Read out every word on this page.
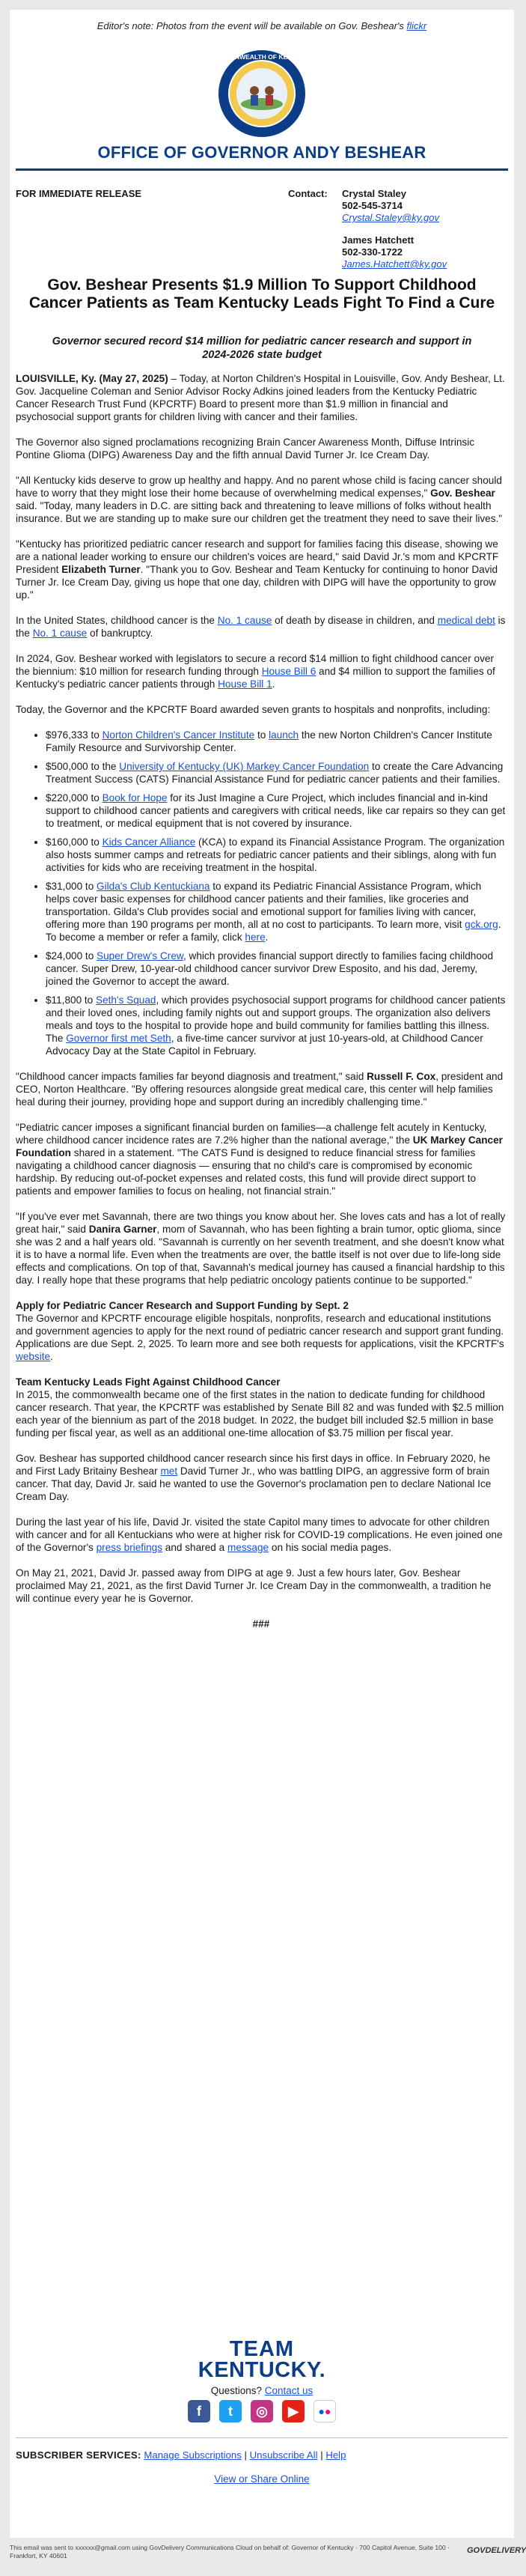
Editor's note: Photos from the event will be available on Gov. Beshear's flickr
COMMONWEALTH OF KENTUCKY
OFFICE OF GOVERNOR ANDY BESHEAR
FOR IMMEDIATE RELEASE	Contact: Crystal Staley
502-545-3714
Crystal.Staley@ky.gov
James Hatchett
502-330-1722
James.Hatchett@ky.gov
Gov. Beshear Presents $1.9 Million To Support Childhood Cancer Patients as Team Kentucky Leads Fight To Find a Cure
Governor secured record $14 million for pediatric cancer research and support in 2024-2026 state budget

LOUISVILLE, Ky. (May 27, 2025) – Today, at Norton Children's Hospital in Louisville, Gov. Andy Beshear, Lt. Gov. Jacqueline Coleman and Senior Advisor Rocky Adkins joined leaders from the Kentucky Pediatric Cancer Research Trust Fund (KPCRTF) Board to present more than $1.9 million in financial and psychosocial support grants for children living with cancer and their families.

The Governor also signed proclamations recognizing Brain Cancer Awareness Month, Diffuse Intrinsic Pontine Glioma (DIPG) Awareness Day and the fifth annual David Turner Jr. Ice Cream Day.

"All Kentucky kids deserve to grow up healthy and happy. And no parent whose child is facing cancer should have to worry that they might lose their home because of overwhelming medical expenses," Gov. Beshear said. "Today, many leaders in D.C. are sitting back and threatening to leave millions of folks without health insurance. But we are standing up to make sure our children get the treatment they need to save their lives."

"Kentucky has prioritized pediatric cancer research and support for families facing this disease, showing we are a national leader working to ensure our children's voices are heard," said David Jr.'s mom and KPCRTF President Elizabeth Turner. "Thank you to Gov. Beshear and Team Kentucky for continuing to honor David Turner Jr. Ice Cream Day, giving us hope that one day, children with DIPG will have the opportunity to grow up."

In the United States, childhood cancer is the No. 1 cause of death by disease in children, and medical debt is the No. 1 cause of bankruptcy.

In 2024, Gov. Beshear worked with legislators to secure a record $14 million to fight childhood cancer over the biennium: $10 million for research funding through House Bill 6 and $4 million to support the families of Kentucky's pediatric cancer patients through House Bill 1.

Today, the Governor and the KPCRTF Board awarded seven grants to hospitals and nonprofits, including:

• $976,333 to Norton Children's Cancer Institute to launch the new Norton Children's Cancer Institute Family Resource and Survivorship Center.
• $500,000 to the University of Kentucky (UK) Markey Cancer Foundation to create the Care Advancing Treatment Success (CATS) Financial Assistance Fund for pediatric cancer patients and their families.
• $220,000 to Book for Hope for its Just Imagine a Cure Project, which includes financial and in-kind support to childhood cancer patients and caregivers with critical needs, like car repairs so they can get to treatment, or medical equipment that is not covered by insurance.
• $160,000 to Kids Cancer Alliance (KCA) to expand its Financial Assistance Program. The organization also hosts summer camps and retreats for pediatric cancer patients and their siblings, along with fun activities for kids who are receiving treatment in the hospital.
• $31,000 to Gilda's Club Kentuckiana to expand its Pediatric Financial Assistance Program, which helps cover basic expenses for childhood cancer patients and their families, like groceries and transportation. Gilda's Club provides social and emotional support for families living with cancer, offering more than 190 programs per month, all at no cost to participants. To learn more, visit gck.org. To become a member or refer a family, click here.
• $24,000 to Super Drew's Crew, which provides financial support directly to families facing childhood cancer. Super Drew, 10-year-old childhood cancer survivor Drew Esposito, and his dad, Jeremy, joined the Governor to accept the award.
• $11,800 to Seth's Squad, which provides psychosocial support programs for childhood cancer patients and their loved ones, including family nights out and support groups. The organization also delivers meals and toys to the hospital to provide hope and build community for families battling this illness. The Governor first met Seth, a five-time cancer survivor at just 10-years-old, at Childhood Cancer Advocacy Day at the State Capitol in February.

"Childhood cancer impacts families far beyond diagnosis and treatment," said Russell F. Cox, president and CEO, Norton Healthcare. "By offering resources alongside great medical care, this center will help families heal during their journey, providing hope and support during an incredibly challenging time."

"Pediatric cancer imposes a significant financial burden on families—a challenge felt acutely in Kentucky, where childhood cancer incidence rates are 7.2% higher than the national average," the UK Markey Cancer Foundation shared in a statement. "The CATS Fund is designed to reduce financial stress for families navigating a childhood cancer diagnosis — ensuring that no child's care is compromised by economic hardship. By reducing out-of-pocket expenses and related costs, this fund will provide direct support to patients and empower families to focus on healing, not financial strain."

"If you've ever met Savannah, there are two things you know about her. She loves cats and has a lot of really great hair," said Danira Garner, mom of Savannah, who has been fighting a brain tumor, optic glioma, since she was 2 and a half years old. "Savannah is currently on her seventh treatment, and she doesn't know what it is to have a normal life. Even when the treatments are over, the battle itself is not over due to life-long side effects and complications. On top of that, Savannah's medical journey has caused a financial hardship to this day. I really hope that these programs that help pediatric oncology patients continue to be supported."

Apply for Pediatric Cancer Research and Support Funding by Sept. 2

The Governor and KPCRTF encourage eligible hospitals, nonprofits, research and educational institutions and government agencies to apply for the next round of pediatric cancer research and support grant funding. Applications are due Sept. 2, 2025. To learn more and see both requests for applications, visit the KPCRTF's website.

Team Kentucky Leads Fight Against Childhood Cancer

In 2015, the commonwealth became one of the first states in the nation to dedicate funding for childhood cancer research. That year, the KPCRTF was established by Senate Bill 82 and was funded with $2.5 million each year of the biennium as part of the 2018 budget. In 2022, the budget bill included $2.5 million in base funding per fiscal year, as well as an additional one-time allocation of $3.75 million per fiscal year.

Gov. Beshear has supported childhood cancer research since his first days in office. In February 2020, he and First Lady Britainy Beshear met David Turner Jr., who was battling DIPG, an aggressive form of brain cancer. That day, David Jr. said he wanted to use the Governor's proclamation pen to declare National Ice Cream Day.

During the last year of his life, David Jr. visited the state Capitol many times to advocate for other children with cancer and for all Kentuckians who were at higher risk for COVID-19 complications. He even joined one of the Governor's press briefings and shared a message on his social media pages.

On May 21, 2021, David Jr. passed away from DIPG at age 9. Just a few hours later, Gov. Beshear proclaimed May 21, 2021, as the first David Turner Jr. Ice Cream Day in the commonwealth, a tradition he will continue every year he is Governor.

###
TEAM
KENTUCKY.
Questions? Contact us
f	t	◎	▶	●●
SUBSCRIBER SERVICES: Manage Subscriptions | Unsubscribe All | Help
View or Share Online
This email was sent to xxxxxx@gmail.com using GovDelivery Communications Cloud on behalf of: Governor of Kentucky · 700 Capitol Avenue, Suite 100 · Frankfort, KY 40601
GOVDELIVERY
